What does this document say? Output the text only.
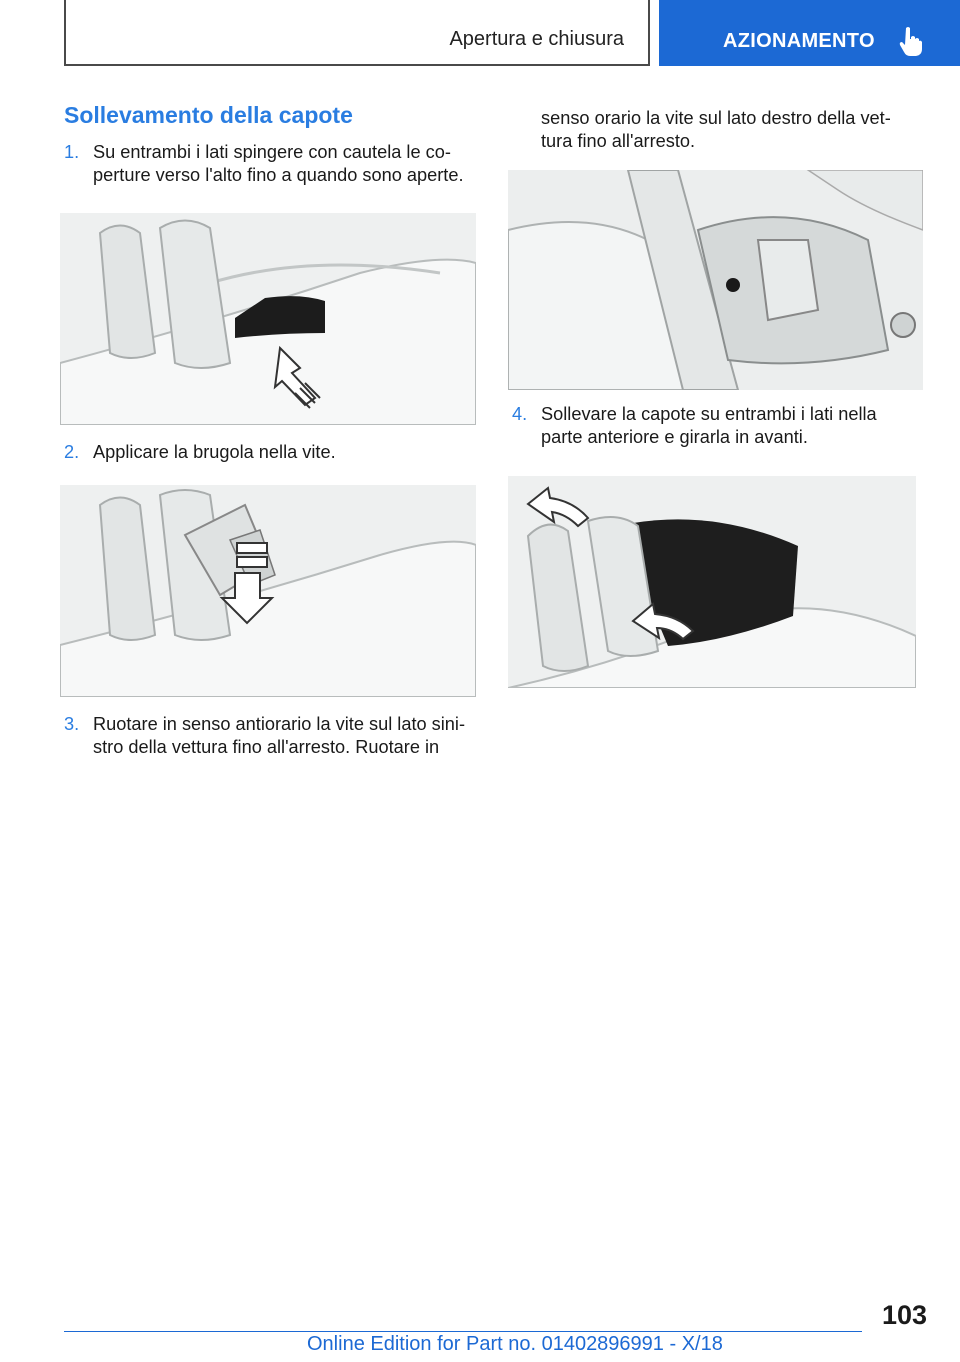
Apertura e chiusura	AZIONAMENTO
Sollevamento della capote
1. Su entrambi i lati spingere con cautela le coperture verso l'alto fino a quando sono aperte.
2. Applicare la brugola nella vite.
3. Ruotare in senso antiorario la vite sul lato sinistro della vettura fino all'arresto. Ruotare in
senso orario la vite sul lato destro della vettura fino all'arresto.
4. Sollevare la capote su entrambi i lati nella parte anteriore e girarla in avanti.
103
Online Edition for Part no. 01402896991 - X/18
